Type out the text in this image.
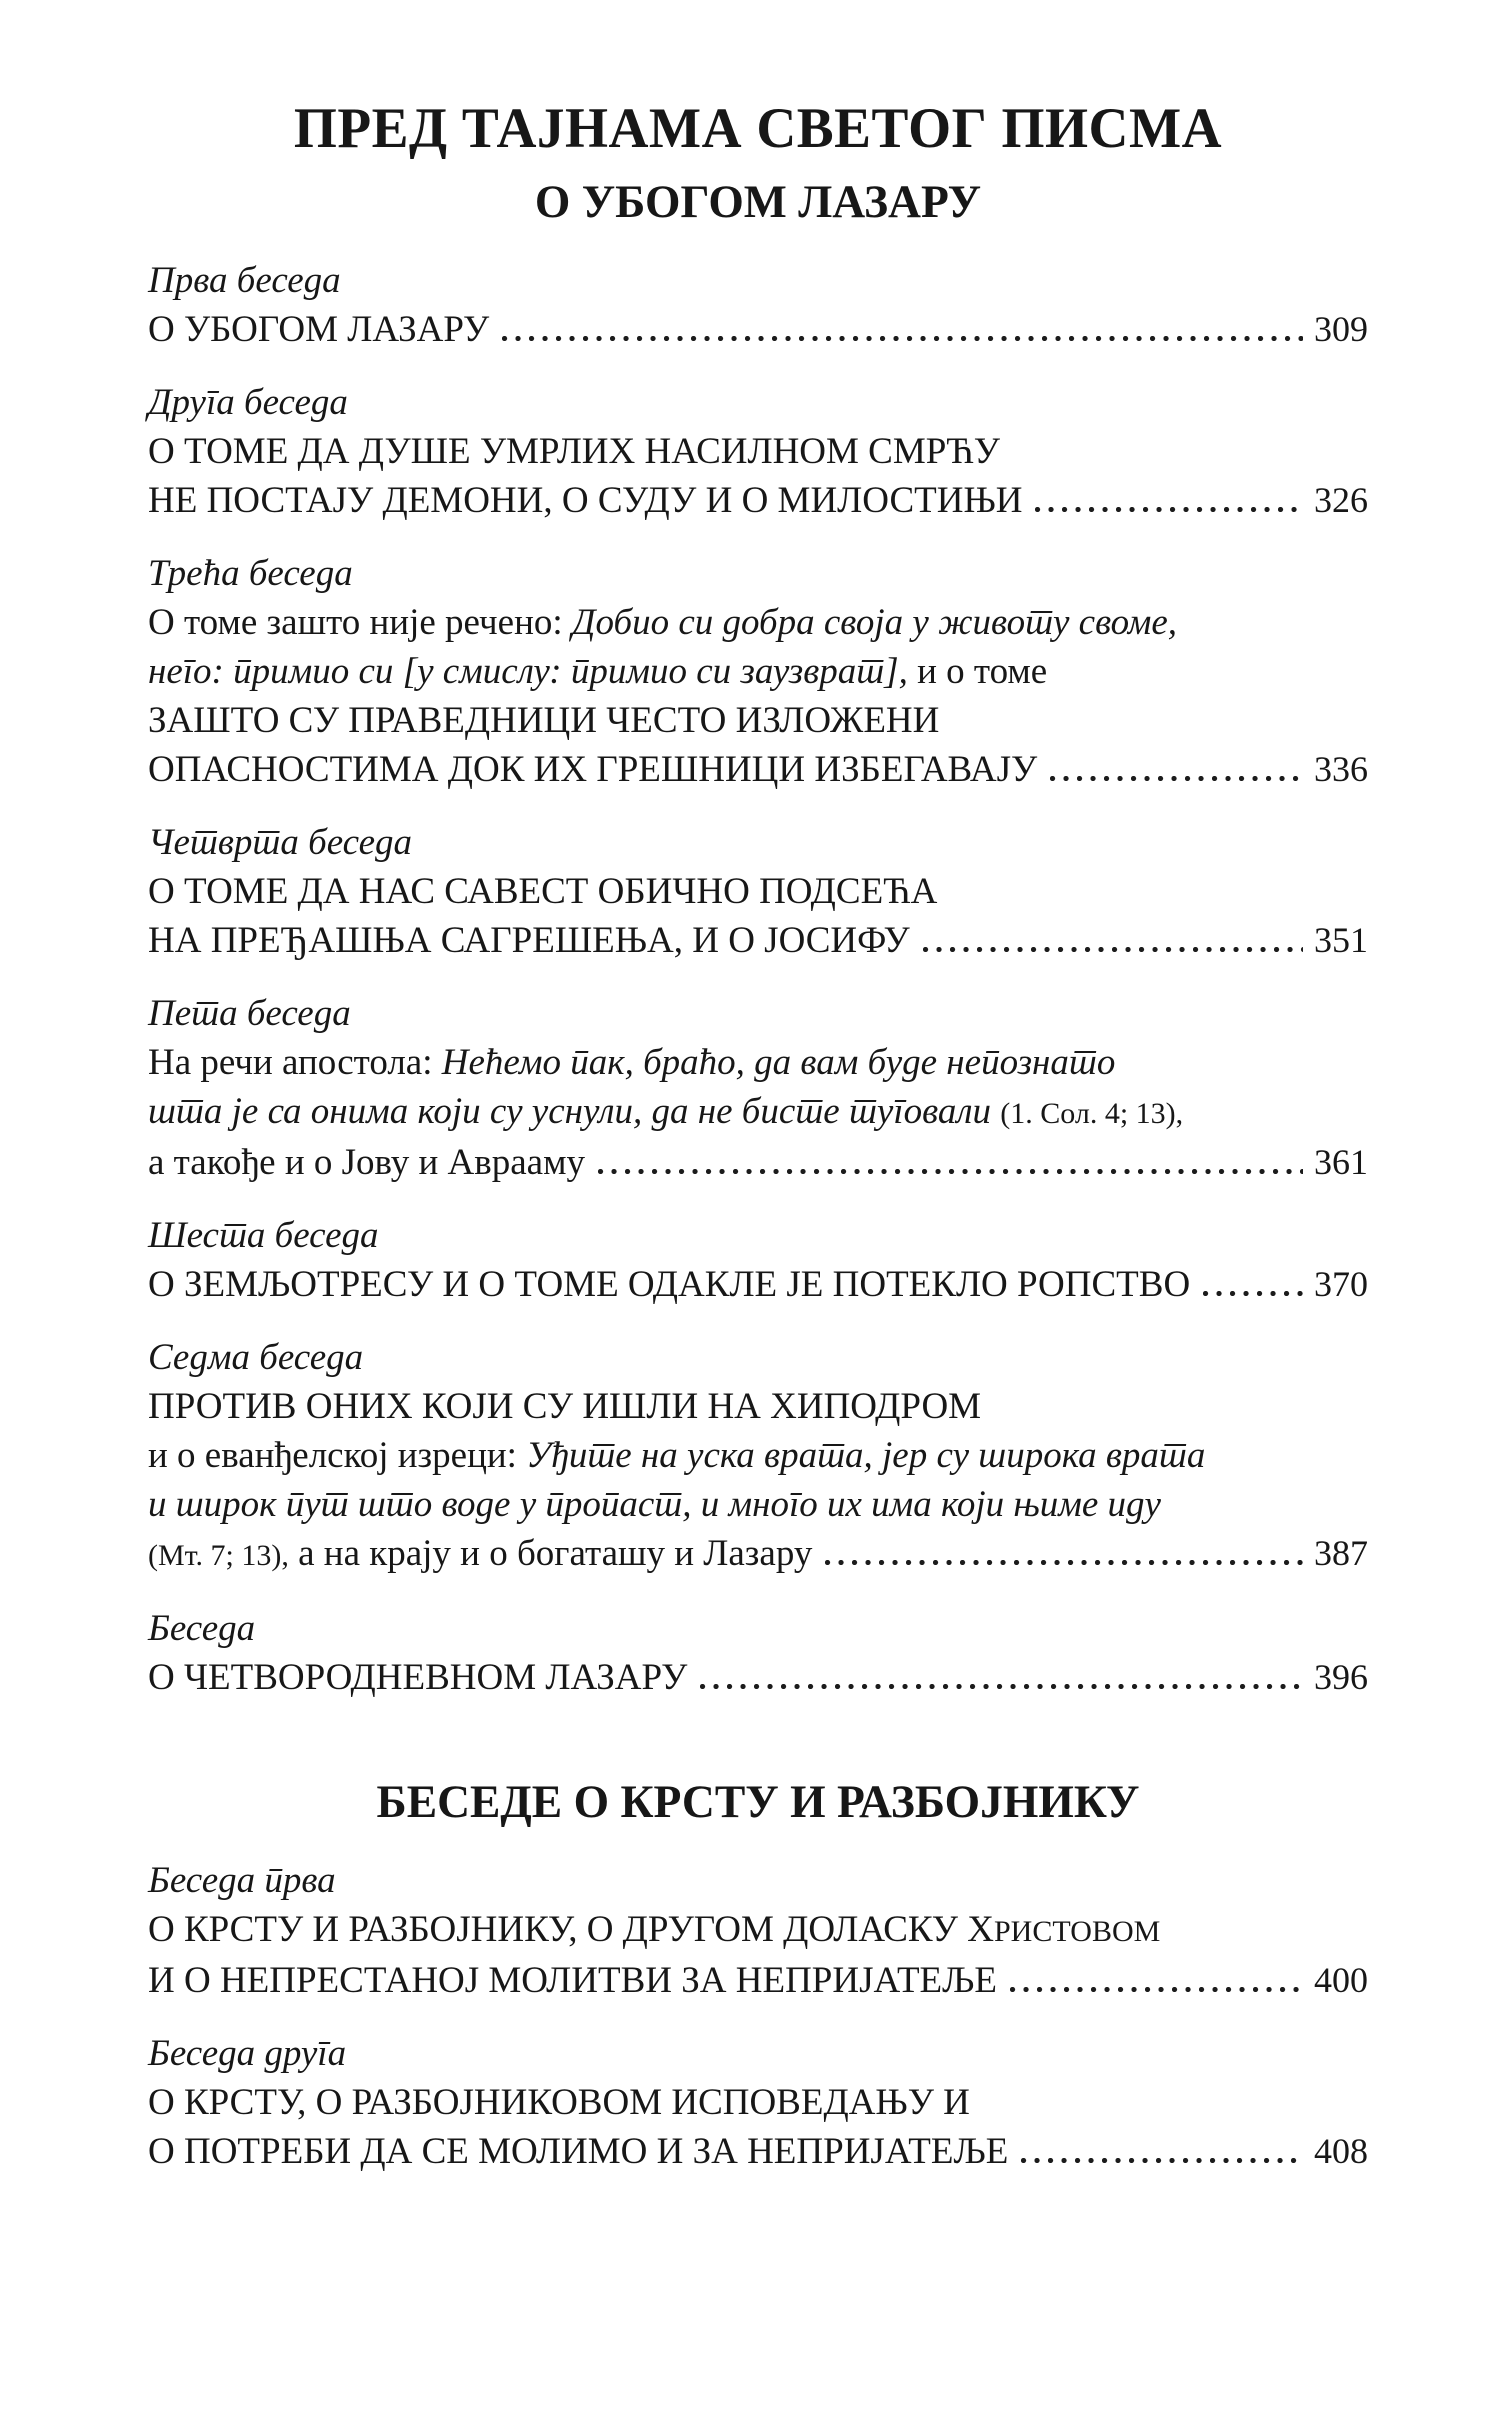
ПРЕД ТАЈНАМА СВЕТОГ ПИСМА
О УБОГОМ ЛАЗАРУ
Прва беседа
О УБОГОМ ЛАЗАРУ	309
Друга беседа
О ТОМЕ ДА ДУШЕ УМРЛИХ НАСИЛНОМ СМРЋУ
НЕ ПОСТАЈУ ДЕМОНИ, О СУДУ И О МИЛОСТИЊИ	326
Трећа беседа
О томе зашто није речено: Добио си добра своја у животу своме,
него: примио си [у смислу: примио си заузврат], и о томе
ЗАШТО СУ ПРАВЕДНИЦИ ЧЕСТО ИЗЛОЖЕНИ
ОПАСНОСТИМА ДОК ИХ ГРЕШНИЦИ ИЗБЕГАВАЈУ	336
Четврта беседа
О ТОМЕ ДА НАС САВЕСТ ОБИЧНО ПОДСЕЋА
НА ПРЕЂАШЊА САГРЕШЕЊА, И О ЈОСИФУ	351
Пета беседа
На речи апостола: Нећемо пак, браћо, да вам буде непознато
шта је са онима који су уснули, да не бисте туговали (1. Сол. 4; 13),
а такође и о Јову и Аврааму	361
Шеста беседа
О ЗЕМЉОТРЕСУ И О ТОМЕ ОДАКЛЕ ЈЕ ПОТЕКЛО РОПСТВО	370
Седма беседа
ПРОТИВ ОНИХ КОЈИ СУ ИШЛИ НА ХИПОДРОМ
и о еванђелској изреци: Уђите на уска врата, јер су широка врата
и широк пут што воде у пропаст, и много их има који њиме иду
(Мт. 7; 13), а на крају и о богаташу и Лазару	387
Беседа
О ЧЕТВОРОДНЕВНОМ ЛАЗАРУ	396
БЕСЕДЕ О КРСТУ И РАЗБОЈНИКУ
Беседа прва
О КРСТУ И РАЗБОЈНИКУ, О ДРУГОМ ДОЛАСКУ Х РИСТОВОМ
И О НЕПРЕСТАНОЈ МОЛИТВИ ЗА НЕПРИЈАТЕЉЕ	400
Беседа друга
О КРСТУ, О РАЗБОЈНИКОВОМ ИСПОВЕДАЊУ И
О ПОТРЕБИ ДА СЕ МОЛИМО И ЗА НЕПРИЈАТЕЉЕ	408
